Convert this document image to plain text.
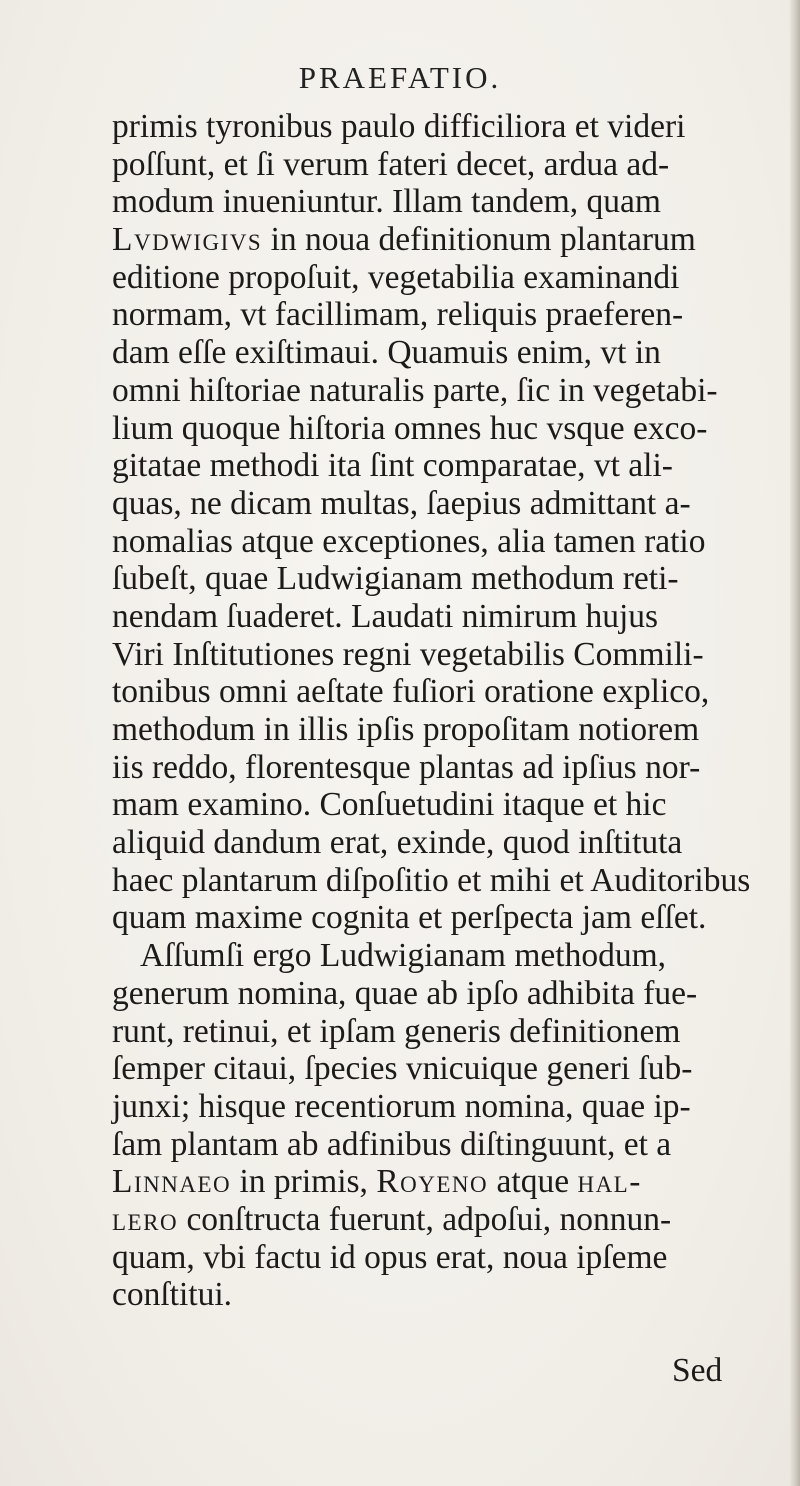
PRAEFATIO.
primis tyronibus paulo difficiliora et videri
poſſunt, et ſi verum fateri decet, ardua ad-
modum inueniuntur. Illam tandem, quam
Lvdwigivs in noua definitionum plantarum
editione propoſuit, vegetabilia examinandi
normam, vt facillimam, reliquis praeferen-
dam eſſe exiſtimaui. Quamuis enim, vt in
omni hiſtoriae naturalis parte, ſic in vegetabi-
lium quoque hiſtoria omnes huc vsque exco-
gitatae methodi ita ſint comparatae, vt ali-
quas, ne dicam multas, ſaepius admittant a-
nomalias atque exceptiones, alia tamen ratio
ſubeſt, quae Ludwigianam methodum reti-
nendam ſuaderet. Laudati nimirum hujus
Viri Inſtitutiones regni vegetabilis Commili-
tonibus omni aeſtate fuſiori oratione explico,
methodum in illis ipſis propoſitam notiorem
iis reddo, florentesque plantas ad ipſius nor-
mam examino. Conſuetudini itaque et hic
aliquid dandum erat, exinde, quod inſtituta
haec plantarum diſpoſitio et mihi et Auditoribus
quam maxime cognita et perſpecta jam eſſet.
Aſſumſi ergo Ludwigianam methodum,
generum nomina, quae ab ipſo adhibita fue-
runt, retinui, et ipſam generis definitionem
ſemper citaui, ſpecies vnicuique generi ſub-
junxi; hisque recentiorum nomina, quae ip-
ſam plantam ab adfinibus diſtinguunt, et a
Linnaeo in primis, Royeno atque hal-
lero conſtructa fuerunt, adpoſui, nonnun-
quam, vbi factu id opus erat, noua ipſeme
conſtitui.
Sed
